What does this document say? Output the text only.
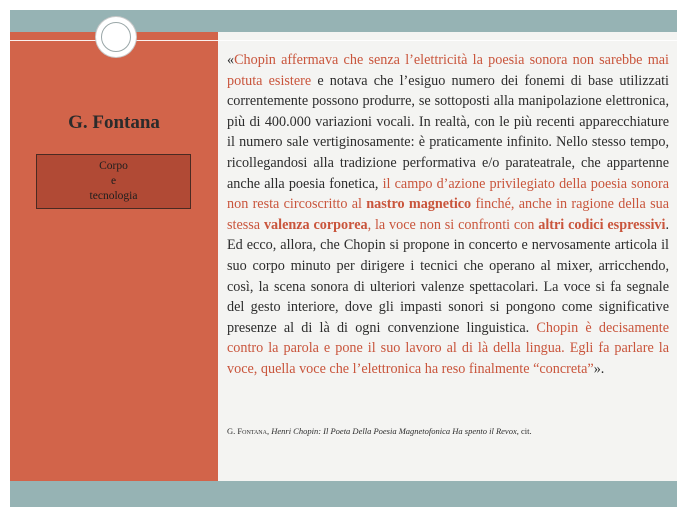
G. Fontana
Corpo
e
tecnologia
«Chopin affermava che senza l’elettricità la poesia sonora non sarebbe mai potuta esistere e notava che l’esiguo numero dei fonemi di base utilizzati correntemente possono produrre, se sottoposti alla manipolazione elettronica, più di 400.000 variazioni vocali. In realtà, con le più recenti apparecchiature il numero sale vertiginosamente: è praticamente infinito. Nello stesso tempo, ricollegandosi alla tradizione performativa e/o parateatrale, che appartenne anche alla poesia fonetica, il campo d’azione privilegiato della poesia sonora non resta circoscritto al nastro magnetico finché, anche in ragione della sua stessa valenza corporea, la voce non si confronti con altri codici espressivi. Ed ecco, allora, che Chopin si propone in concerto e nervosamente articola il suo corpo minuto per dirigere i tecnici che operano al mixer, arricchendo, così, la scena sonora di ulteriori valenze spettacolari. La voce si fa segnale del gesto interiore, dove gli impasti sonori si pongono come significative presenze al di là di ogni convenzione linguistica. Chopin è decisamente contro la parola e pone il suo lavoro al di là della lingua. Egli fa parlare la voce, quella voce che l’elettronica ha reso finalmente “concreta”».
G. Fontana, Henri Chopin: Il Poeta Della Poesia Magnetofonica Ha spento il Revox, cit.
